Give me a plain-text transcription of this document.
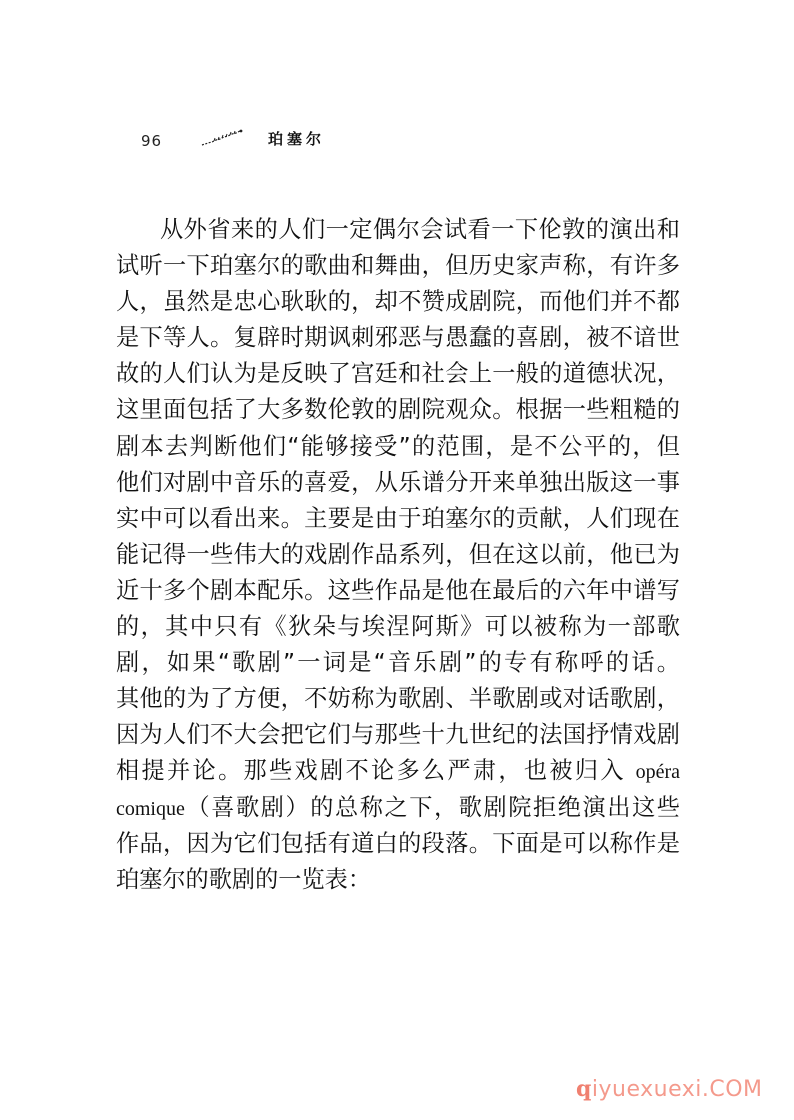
96	珀塞尔
从外省来的人们一定偶尔会试看一下伦敦的演出和
试听一下珀塞尔的歌曲和舞曲，但历史家声称，有许多
人，虽然是忠心耿耿的，却不赞成剧院，而他们并不都
是下等人。复辟时期讽刺邪恶与愚蠢的喜剧，被不谙世
故的人们认为是反映了宫廷和社会上一般的道德状况，
这里面包括了大多数伦敦的剧院观众。根据一些粗糙的
剧本去判断他们“能够接受”的范围，是不公平的，但
他们对剧中音乐的喜爱，从乐谱分开来单独出版这一事
实中可以看出来。主要是由于珀塞尔的贡献，人们现在
能记得一些伟大的戏剧作品系列，但在这以前，他已为
近十多个剧本配乐。这些作品是他在最后的六年中谱写
的，其中只有《狄朵与埃涅阿斯》可以被称为一部歌
剧，如果“歌剧”一词是“音乐剧”的专有称呼的话。
其他的为了方便，不妨称为歌剧、半歌剧或对话歌剧，
因为人们不大会把它们与那些十九世纪的法国抒情戏剧
相提并论。那些戏剧不论多么严肃，也被归入 opéra
comique（喜歌剧）的总称之下，歌剧院拒绝演出这些
作品，因为它们包括有道白的段落。下面是可以称作是
珀塞尔的歌剧的一览表：
qiyuexuexi.COM
